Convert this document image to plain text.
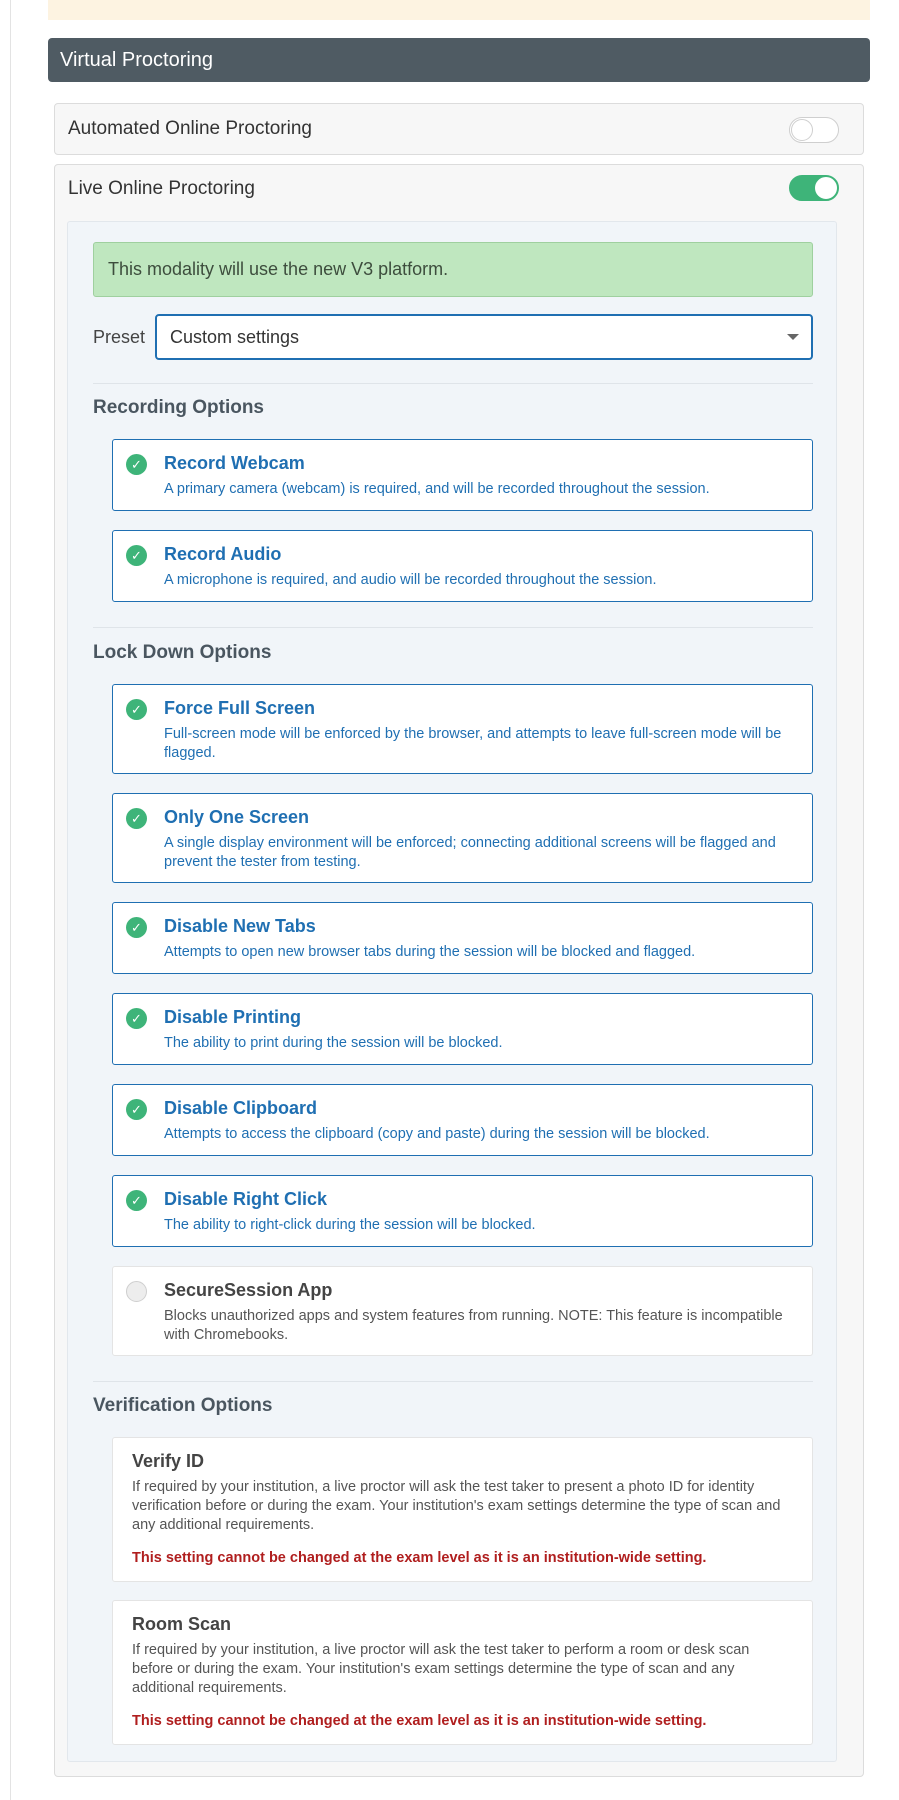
Virtual Proctoring
Automated Online Proctoring
Live Online Proctoring
This modality will use the new V3 platform.
Preset	Custom settings
Recording Options
✓ Record Webcam
A primary camera (webcam) is required, and will be recorded throughout the session.
✓ Record Audio
A microphone is required, and audio will be recorded throughout the session.
Lock Down Options
✓ Force Full Screen
Full-screen mode will be enforced by the browser, and attempts to leave full-screen mode will be flagged.
✓ Only One Screen
A single display environment will be enforced; connecting additional screens will be flagged and prevent the tester from testing.
✓ Disable New Tabs
Attempts to open new browser tabs during the session will be blocked and flagged.
✓ Disable Printing
The ability to print during the session will be blocked.
✓ Disable Clipboard
Attempts to access the clipboard (copy and paste) during the session will be blocked.
✓ Disable Right Click
The ability to right-click during the session will be blocked.
SecureSession App
Blocks unauthorized apps and system features from running. NOTE: This feature is incompatible with Chromebooks.
Verification Options
Verify ID
If required by your institution, a live proctor will ask the test taker to present a photo ID for identity verification before or during the exam. Your institution's exam settings determine the type of scan and any additional requirements.
This setting cannot be changed at the exam level as it is an institution-wide setting.
Room Scan
If required by your institution, a live proctor will ask the test taker to perform a room or desk scan before or during the exam. Your institution's exam settings determine the type of scan and any additional requirements.
This setting cannot be changed at the exam level as it is an institution-wide setting.
